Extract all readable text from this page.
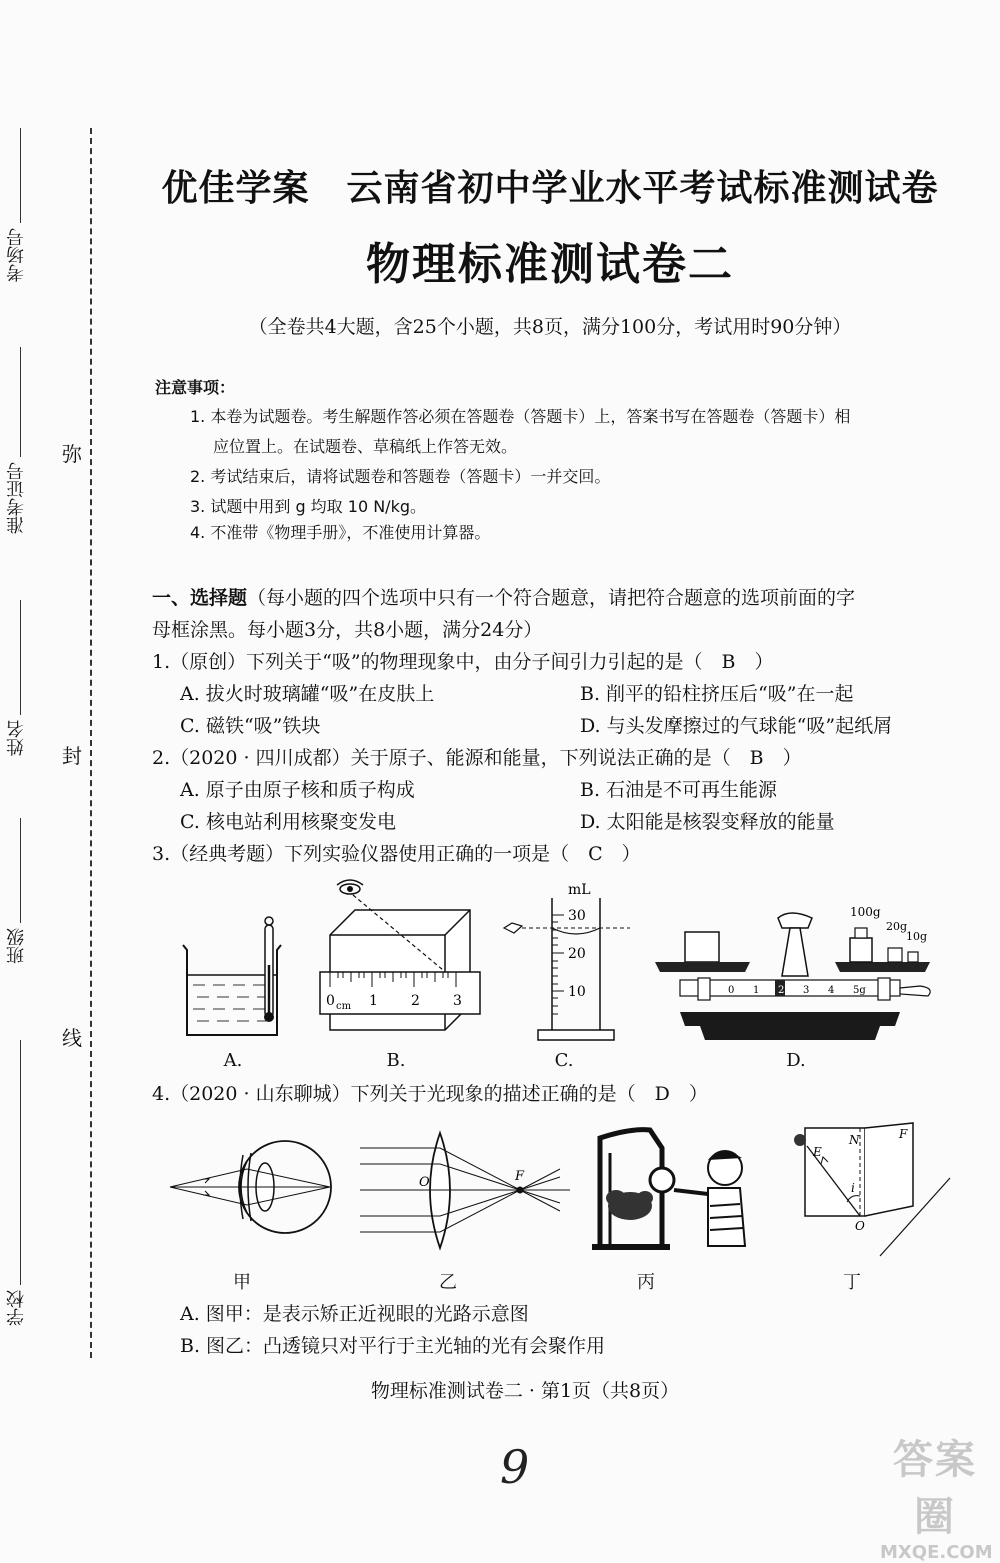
考场号
准考证号
姓名
班级
学校
弥
封
线
优佳学案　云南省初中学业水平考试标准测试卷
物理标准测试卷二
（全卷共4大题，含25个小题，共8页，满分100分，考试用时90分钟）
注意事项：
1. 本卷为试题卷。考生解题作答必须在答题卷（答题卡）上，答案书写在答题卷（答题卡）相
应位置上。在试题卷、草稿纸上作答无效。
2. 考试结束后，请将试题卷和答题卷（答题卡）一并交回。
3. 试题中用到 g 均取 10 N/kg。
4. 不准带《物理手册》，不准使用计算器。
一、选择题（每小题的四个选项中只有一个符合题意，请把符合题意的选项前面的字
母框涂黑。每小题3分，共8小题，满分24分）
1.（原创）下列关于“吸”的物理现象中，由分子间引力引起的是（　B　）
A. 拔火时玻璃罐“吸”在皮肤上	B. 削平的铅柱挤压后“吸”在一起
C. 磁铁“吸”铁块	D. 与头发摩擦过的气球能“吸”起纸屑
2.（2020 · 四川成都）关于原子、能源和能量，下列说法正确的是（　B　）
A. 原子由原子核和质子构成	B. 石油是不可再生能源
C. 核电站利用核聚变发电	D. 太阳能是核裂变释放的能量
3.（经典考题）下列实验仪器使用正确的一项是（　C　）
A.
0 cm 1 2 3
B.
mL
30
20
10
C.
100g
20g
10g
0 1 2 3 4 5g
D.
4.（2020 · 山东聊城）下列关于光现象的描述正确的是（　D　）
甲
O	F
乙	丙
E
N	F
i
O
丁
A. 图甲：是表示矫正近视眼的光路示意图
B. 图乙：凸透镜只对平行于主光轴的光有会聚作用
物理标准测试卷二 · 第1页（共8页）
9	答案圈
MXQE.COM
